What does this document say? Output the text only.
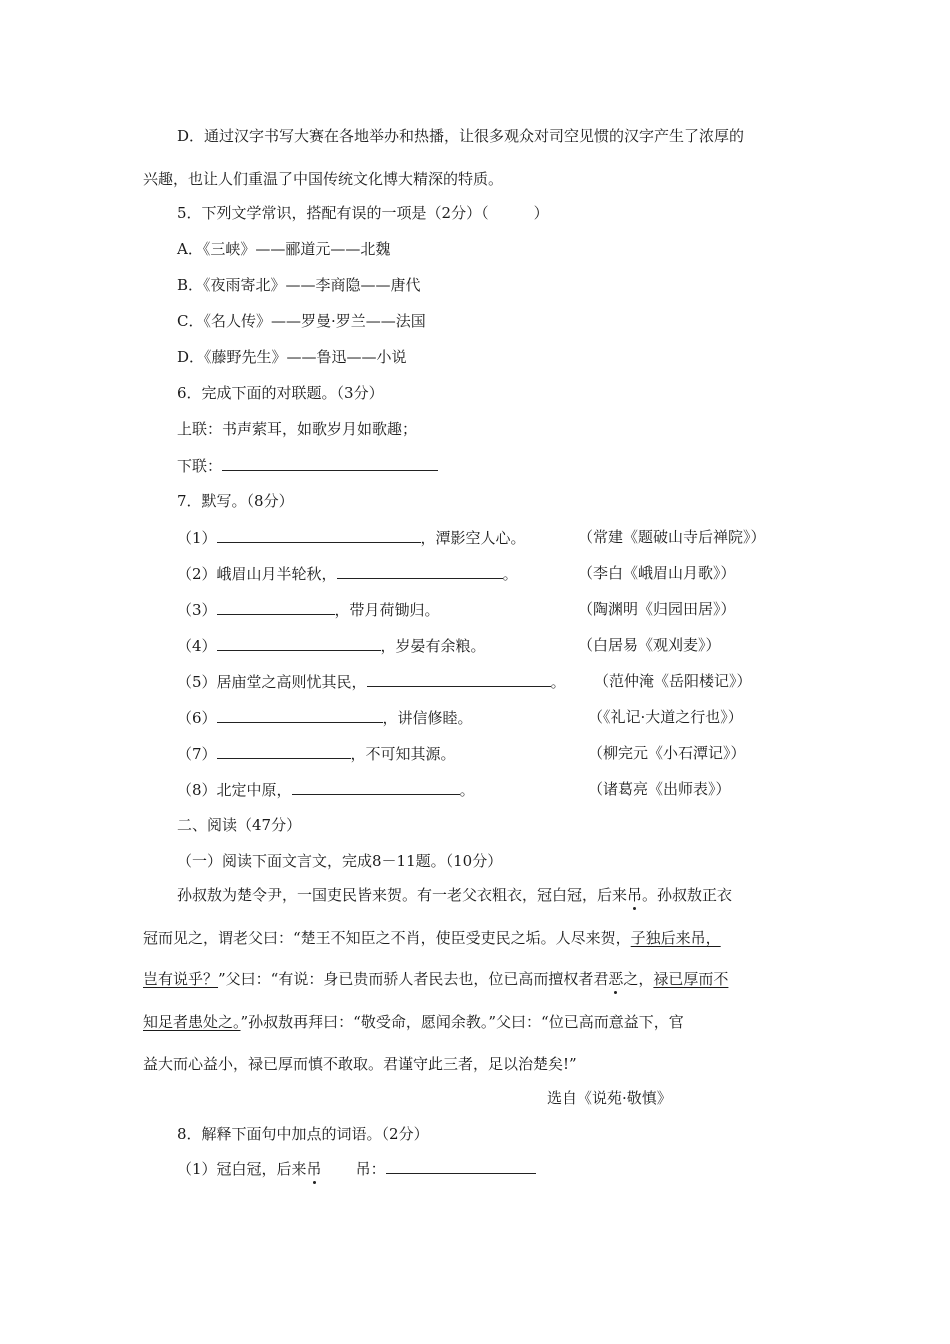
D．通过汉字书写大赛在各地举办和热播，让很多观众对司空见惯的汉字产生了浓厚的
兴趣，也让人们重温了中国传统文化博大精深的特质。
5．下列文学常识，搭配有误的一项是（2分）（　　　）
A．《三峡》——郦道元——北魏
B．《夜雨寄北》——李商隐——唐代
C．《名人传》——罗曼·罗兰——法国
D．《藤野先生》——鲁迅——小说
6．完成下面的对联题。（3分）
上联：书声萦耳，如歌岁月如歌趣；
下联：
7．默写。（8分）
（1）	，潭影空人心。	（常建《题破山寺后禅院》）
（2）峨眉山月半轮秋，	。	（李白《峨眉山月歌》）
（3）	，带月荷锄归。	（陶渊明《归园田居》）
（4）	，岁晏有余粮。	（白居易《观刈麦》）
（5）居庙堂之高则忧其民，	。 （范仲淹《岳阳楼记》）
（6）	，讲信修睦。	（《礼记·大道之行也》）
（7）	，不可知其源。	（柳完元《小石潭记》）
（8）北定中原，	。	（诸葛亮《出师表》）
二、阅读（47分）
（一）阅读下面文言文，完成8－11题。（10分）
孙叔敖为楚令尹，一国吏民皆来贺。有一老父衣粗衣，冠白冠，后来吊。孙叔敖正衣
冠而见之，谓老父曰：“楚王不知臣之不肖，使臣受吏民之垢。人尽来贺，子独后来吊，
岂有说乎？”父曰：“有说：身已贵而骄人者民去也，位已高而擅权者君恶之，禄已厚而不
知足者患处之。”孙叔敖再拜曰：“敬受命，愿闻余教。”父曰：“位已高而意益下，官
益大而心益小，禄已厚而慎不敢取。君谨守此三者，足以治楚矣!”
选自《说苑·敬慎》
8．解释下面句中加点的词语。（2分）
（1）冠白冠，后来吊 吊：
